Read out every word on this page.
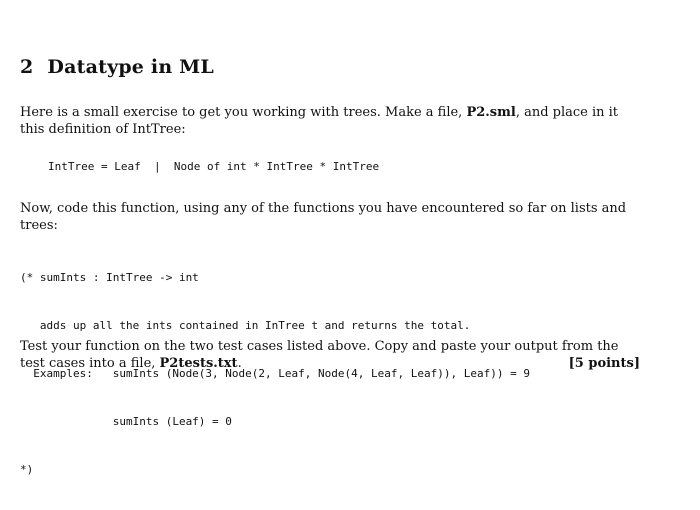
2 Datatype in ML

Here is a small exercise to get you working with trees. Make a file, P2.sml, and place in it this definition of IntTree:

IntTree = Leaf  |  Node of int * IntTree * IntTree

Now, code this function, using any of the functions you have encountered so far on lists and trees:

(* sumInts : IntTree -> int

adds up all the ints contained in InTree t and returns the total.

Examples:   sumInts (Node(3, Node(2, Leaf, Node(4, Leaf, Leaf)), Leaf)) = 9

sumInts (Leaf) = 0

*)

Test your function on the two test cases listed above. Copy and paste your output from the test cases into a file, P2tests.txt.	[5 points]
